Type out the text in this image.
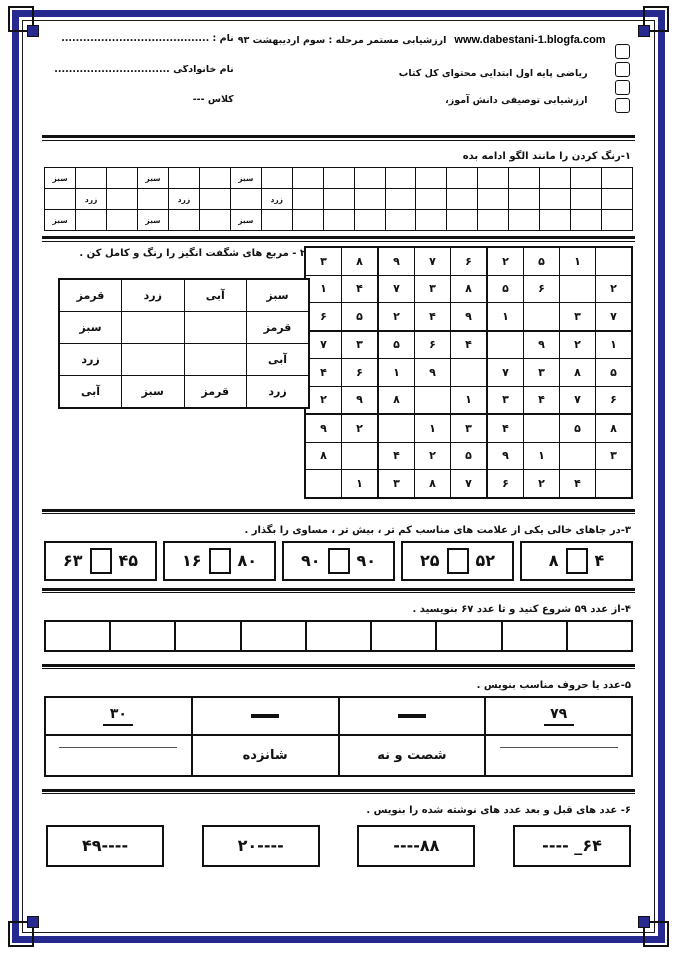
نام : .........................................
نام خانوادگی ................................
کلاس ---
ارزشیابی مستمر مرحله : سوم اردیبهشت ۹۳ www.dabestani-1.blogfa.com
ریاضی پایه اول ابتدایی محتوای کل کتاب
ارزشیابی توصیفی دانش آموز،
۱-رنگ کردن را مانند الگو ادامه بده
												سبز			سبز			سبز
											زرد			زرد			زرد	
												سبز			سبز			سبز
۲ - مربع های شگفت انگیز را رنگ و کامل کن .
سبز	آبی	زرد	قرمز
قرمز			سبز
آبی			زرد
زرد	قرمز	سبز	آبی
	۱	۵	۲	۶	۷	۹	۸	۳
۲		۶	۵	۸	۳	۷	۴	۱
۷	۳		۱	۹	۴	۲	۵	۶
۱	۲	۹		۴	۶	۵	۳	۷
۵	۸	۳	۷		۹	۱	۶	۴
۶	۷	۴	۳	۱		۸	۹	۲
۸	۵		۴	۳	۱		۲	۹
۳		۱	۹	۵	۲	۴		۸
	۴	۲	۶	۷	۸	۳	۱	
۳-در جاهای خالی یکی از علامت های مناسب کم تر ، بیش تر ، مساوی را بگذار .
۶۳ ۴۵	۱۶ ۸۰	۹۰ ۹۰	۲۵ ۵۲	۸ ۴
۴-از عدد ۵۹ شروع کنید و تا عدد ۶۷ بنویسید .

۵-عدد یا حروف مناسب بنویس .
۷۹			۳۰

	شصت و نه	شانزده	
۶- عدد های قبل و بعد عدد های نوشته شده را بنویس .
----۴۹	----۲۰	۸۸----	۶۴_ ----
